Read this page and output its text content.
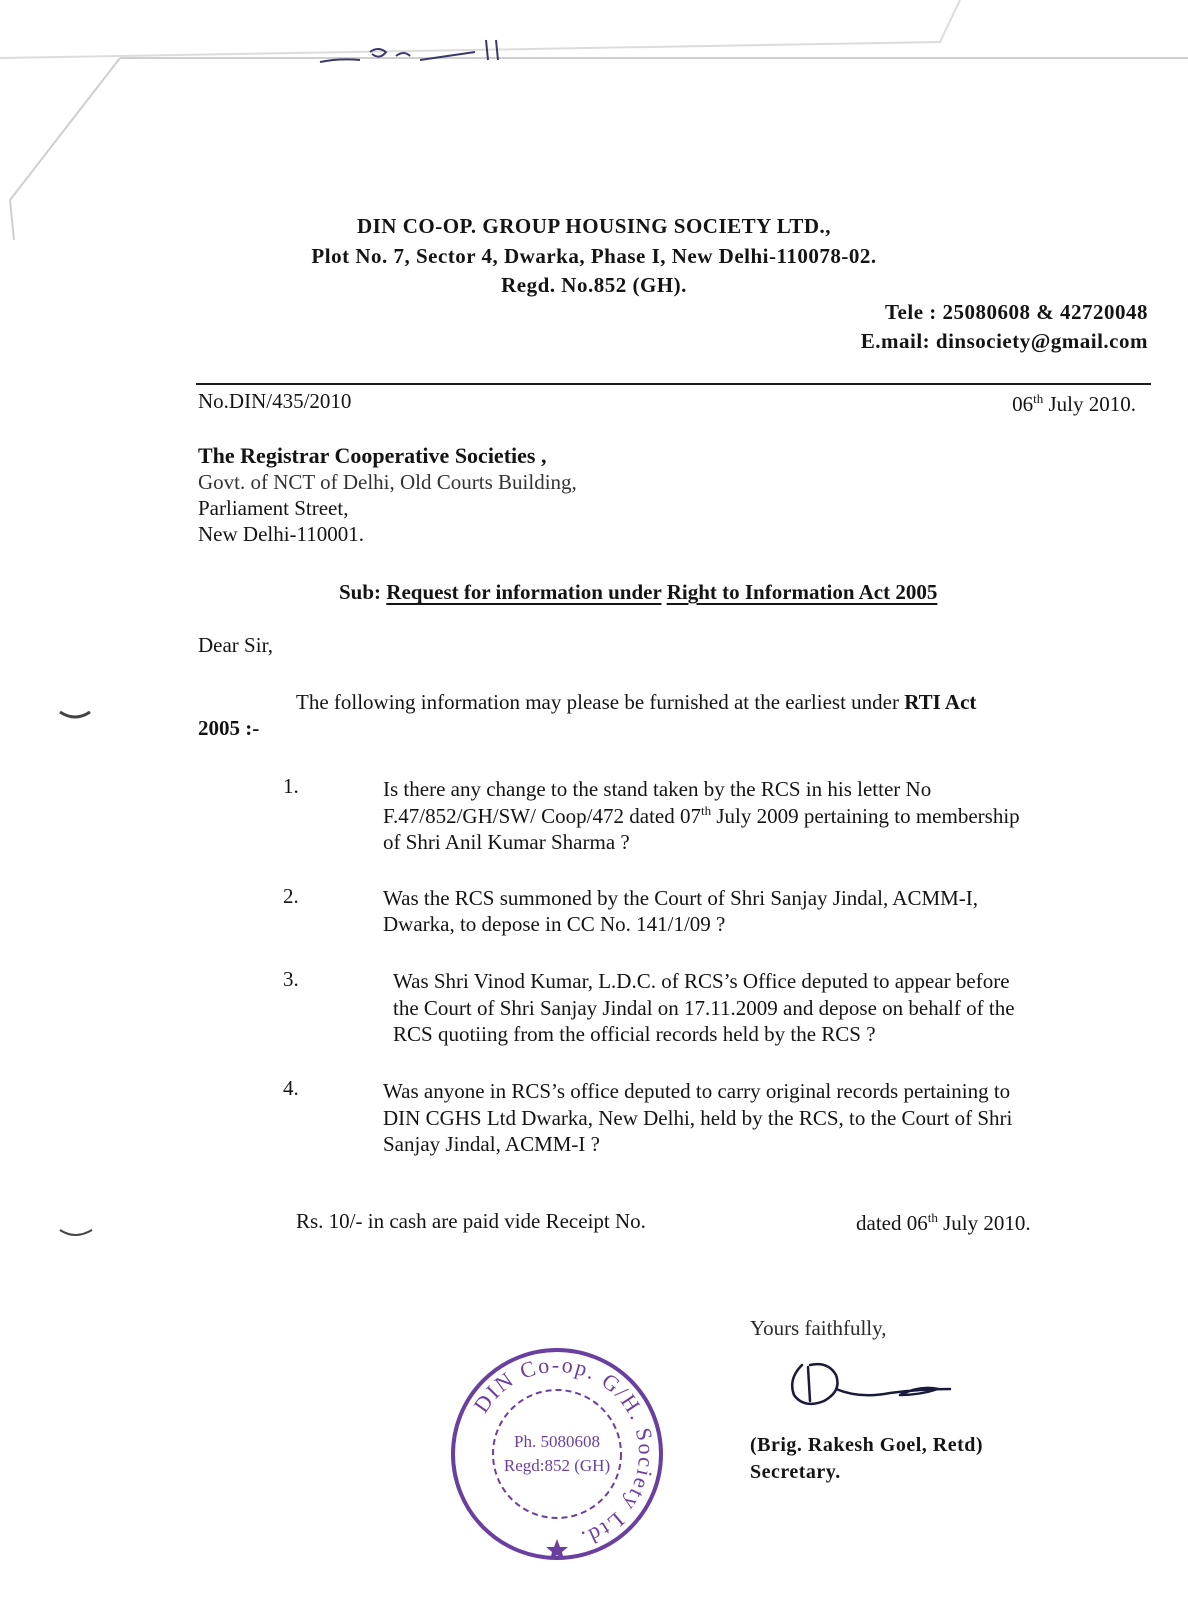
DIN CO-OP. GROUP HOUSING SOCIETY LTD.,
Plot No. 7, Sector 4, Dwarka, Phase I, New Delhi-110078-02.
Regd. No.852 (GH).
Tele : 25080608 & 42720048
E.mail: dinsociety@gmail.com
No.DIN/435/2010	06th July 2010.
The Registrar Cooperative Societies ,
Govt. of NCT of Delhi, Old Courts Building,
Parliament Street,
New Delhi-110001.
Sub: Request for information under Right to Information Act 2005
Dear Sir,
The following information may please be furnished at the earliest under RTI Act
2005 :-
1.	Is there any change to the stand taken by the RCS in his letter No
F.47/852/GH/SW/ Coop/472 dated 07th July 2009 pertaining to membership
of Shri Anil Kumar Sharma ?
2.	Was the RCS summoned by the Court of Shri Sanjay Jindal, ACMM-I,
Dwarka, to depose in CC No. 141/1/09 ?
3.	Was Shri Vinod Kumar, L.D.C. of RCS’s Office deputed to appear before
the Court of Shri Sanjay Jindal on 17.11.2009 and depose on behalf of the
RCS quotiing from the official records held by the RCS ?
4.	Was anyone in RCS’s office deputed to carry original records pertaining to
DIN CGHS Ltd Dwarka, New Delhi, held by the RCS, to the Court of Shri
Sanjay Jindal, ACMM-I ?
Rs. 10/- in cash are paid vide Receipt No.	dated 06th July 2010.
Yours faithfully,
(Brig. Rakesh Goel, Retd)
Secretary.
DIN Co-op. G/H. Society Ltd.
Ph. 5080608
Regd:852 (GH)
